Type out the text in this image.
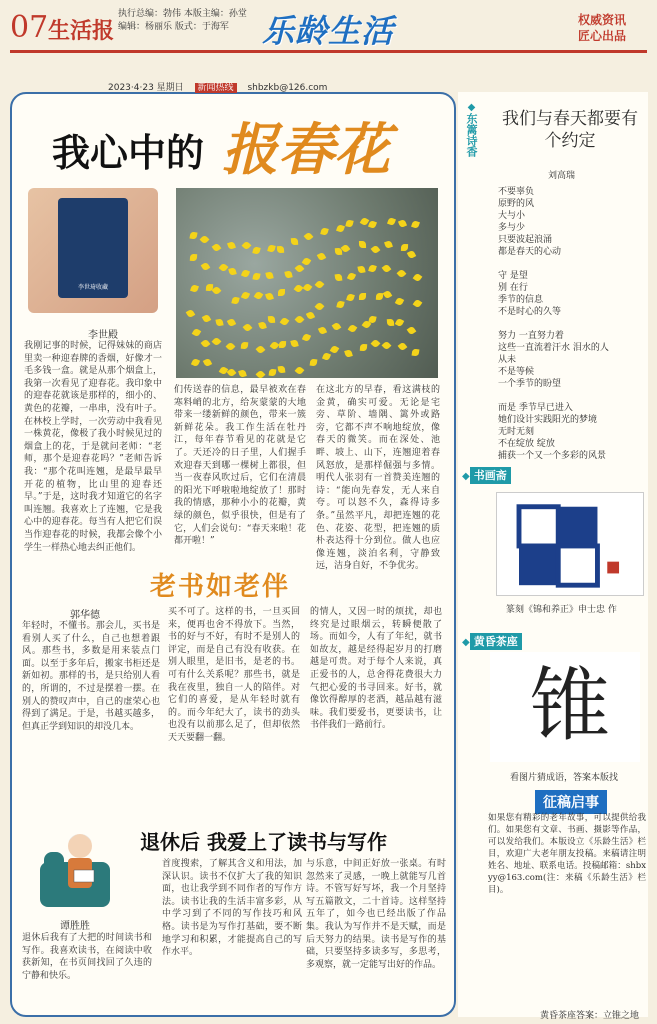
07 生活报
执行总编：勃伟 本版主编：孙堂
编辑：杨丽乐 版式：于海军	乐龄生活	权威资讯
匠心出品
2023·4·23 星期日 新闻热线 shbzkb@126.com
我心中的 报春花
李世琦收藏
李世殿
我刚记事的时候，记得妹妹的商店里卖一种迎春牌的香烟，好像才一毛多钱一盒。就是从那个烟盒上，我第一次看见了迎春花。我印象中的迎春花就该是那样的，细小的、黄色的花瓣，一串串，没有叶子。在林校上学时，一次劳动中我看见一株黄花，像极了我小时候见过的烟盒上的花，于是就问老师：“老师，那个是迎春花吗？”老师告诉我：“那个花叫连翘，是最早最早开花的植物，比山里的迎春还早。”于是，这时我才知道它的名字叫连翘。我喜欢上了连翘，它是我心中的迎春花。每当有人把它们误当作迎春花的时候，我都会像个小学生一样热心地去纠正他们。
们传送春的信息，最早被欢在春寒料峭的北方，给灰蒙蒙的大地带来一缕新鲜的颜色，带来一簇新鲜花朵。我工作生活在牡丹江，每年春节看见的花就是它了。天还冷的日子里，人们握手欢迎春天到哪一棵树上都很，但当一夜春风吹过后，它们在清晨的阳光下呼啦啦地绽放了！那时我的情感，那种小小的花瓣，黄绿的颜色，似乎很快，但是有了它，人们会说句：“春天来啦！花都开啦！”
在这北方的早春，看这满枝的金黄，确实可爱。无论是宅旁、草阶、墙隅、篱外或路旁，它都不声不响地绽放，像春天的微笑。而在深处、池畔、坡上、山下，连翘迎着春风怒放，是那样倔强与多情。明代人张羽有一首赞美连翘的诗：“能向先春发，无人来自夸。可以怒不久，森得诗多条。”虽然平凡，却把连翘的花色、花姿、花型，把连翘的质朴表达得十分到位。做人也应像连翘，淡泊名利，守静致远，洁身自好，不争优劣。
老书如老伴
郭华德
年轻时，不懂书。那会儿，买书是看别人买了什么，自己也想着跟风。那些书，多数是用来装点门面。以至于多年后，搬家书柜还是新如初。那样的书，是只给别人看的，所谓的，不过是摆着一摆。在别人的赞叹声中，自己的虚荣心也得到了满足。于是，书越买越多，但真正学到知识的却没几本。
买不可了。这样的书，一旦买回来，便再也舍不得放下。当然，书的好与不好，有时不是别人的评定，而是自己有没有收获。在别人眼里，是旧书，是老的书。可有什么关系呢？那些书，就是我在夜里，独自一人的陪伴。对它们的喜爱，是从年轻时就有的。而今年纪大了，读书的劲头也没有以前那么足了，但却依然天天要翻一翻。
的情人，又因一时的烦扰，却也终究是过眼烟云，转瞬便散了场。而如今，人有了年纪，就书如故友，越是经得起岁月的打磨越是可贵。对于每个人来说，真正爱书的人，总舍得花费很大力气把心爱的书寻回来。好书，就像饮得醇厚的老酒，越品越有滋味。我们要爱书，更要读书，让书伴我们一路前行。
谭胜胜
退休后 我爱上了读书与写作
退休后我有了大把的时间读书和写作。我喜欢读书，在阅读中收获新知，在书页间找回了久违的宁静和快乐。
首度搜索，了解其含义和用法，加深认识。读书不仅扩大了我的知识面，也让我学到不同作者的写作方法。读书让我的生活丰富多彩，从中学习到了不同的写作技巧和风格。读书是为写作打基础，要不断地学习和积累，才能提高自己的写作水平。
与乐意，中间正好放一张桌。有时忽然来了灵感，一晚上就能写几首诗。不管写好写坏，我一个月坚持写五篇散文，二十首诗。这样坚持五年了，如今也已经出版了作品集。我认为写作并不是天赋，而是后天努力的结果。读书是写作的基础，只要坚持多读多写，多思考，多观察，就一定能写出好的作品。
◆东篱诗香	我们与春天都要有个约定
刘高瑞
不要辜负
原野的风
大与小
多与少
只要波起浪涌
都是春天的心动

守 是望
别 在行
季节的信息
不是时心的久等

努力 一直努力着
这些一直流着汗水 泪水的人
从未
不是等候
一个季节的盼望

而是 季节早已进入
她们设计实践阳光的梦境
无时无刻
不在绽放 绽放
捕获一个又一个多彩的风景
◆ 书画斋
篆刻《锦和养正》申士忠 作
◆ 黄昏茶座
锥
看图片猜成语，答案本版找
征稿启事
如果您有精彩的老年故事，可以提供给我们。如果您有文章、书画、摄影等作品，可以发给我们。本版设立《乐龄生活》栏目，欢迎广大老年朋友投稿。来稿请注明姓名、地址、联系电话。投稿邮箱：shbxyy@163.com(注：来稿《乐龄生活》栏目)。
黄昏茶座答案：立锥之地
